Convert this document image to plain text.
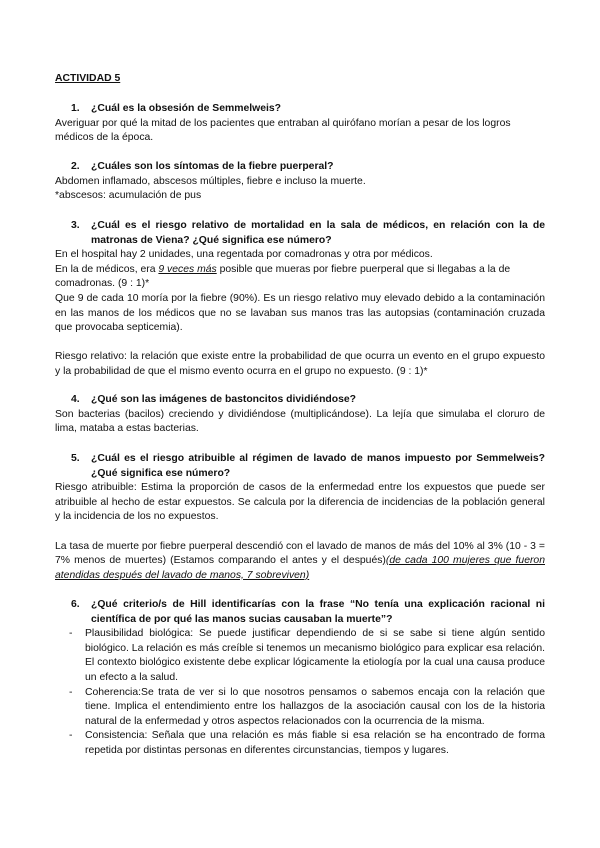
ACTIVIDAD 5
1.	¿Cuál es la obsesión de Semmelweis?

Averiguar por qué la mitad de los pacientes que entraban al quirófano morían a pesar de los logros médicos de la época.

2.	¿Cuáles son los síntomas de la fiebre puerperal?

Abdomen inflamado, abscesos múltiples, fiebre e incluso la muerte.

*abscesos: acumulación de pus

3.	¿Cuál es el riesgo relativo de mortalidad en la sala de médicos, en relación con la de matronas de Viena? ¿Qué significa ese número?

En el hospital hay 2 unidades, una regentada por comadronas y otra por médicos.

En la de médicos, era 9 veces más posible que mueras por fiebre puerperal que si llegabas a la de comadronas. (9 : 1)*

Que 9 de cada 10 moría por la fiebre (90%). Es un riesgo relativo muy elevado debido a la contaminación en las manos de los médicos que no se lavaban sus manos tras las autopsias (contaminación cruzada que provocaba septicemia).

Riesgo relativo: la relación que existe entre la probabilidad de que ocurra un evento en el grupo expuesto y la probabilidad de que el mismo evento ocurra en el grupo no expuesto. (9 : 1)*

4.	¿Qué son las imágenes de bastoncitos dividiéndose?

Son bacterias (bacilos) creciendo y dividiéndose (multiplicándose). La lejía que simulaba el cloruro de lima, mataba a estas bacterias.

5.	¿Cuál es el riesgo atribuible al régimen de lavado de manos impuesto por Semmelweis? ¿Qué significa ese número?

Riesgo atribuible: Estima la proporción de casos de la enfermedad entre los expuestos que puede ser atribuible al hecho de estar expuestos. Se calcula por la diferencia de incidencias de la población general y la incidencia de los no expuestos.

La tasa de muerte por fiebre puerperal descendió con el lavado de manos de más del 10% al 3% (10 - 3 = 7% menos de muertes) (Estamos comparando el antes y el después)(de cada 100 mujeres que fueron atendidas después del lavado de manos, 7 sobreviven)

6.	¿Qué criterio/s de Hill identificarías con la frase “No tenía una explicación racional ni científica de por qué las manos sucias causaban la muerte”?
-	Plausibilidad biológica: Se puede justificar dependiendo de si se sabe si tiene algún sentido biológico. La relación es más creíble si tenemos un mecanismo biológico para explicar esa relación. El contexto biológico existente debe explicar lógicamente la etiología por la cual una causa produce un efecto a la salud.
-	Coherencia:Se trata de ver si lo que nosotros pensamos o sabemos encaja con la relación que tiene. Implica el entendimiento entre los hallazgos de la asociación causal con los de la historia natural de la enfermedad y otros aspectos relacionados con la ocurrencia de la misma.
-	Consistencia: Señala que una relación es más fiable si esa relación se ha encontrado de forma repetida por distintas personas en diferentes circunstancias, tiempos y lugares.
